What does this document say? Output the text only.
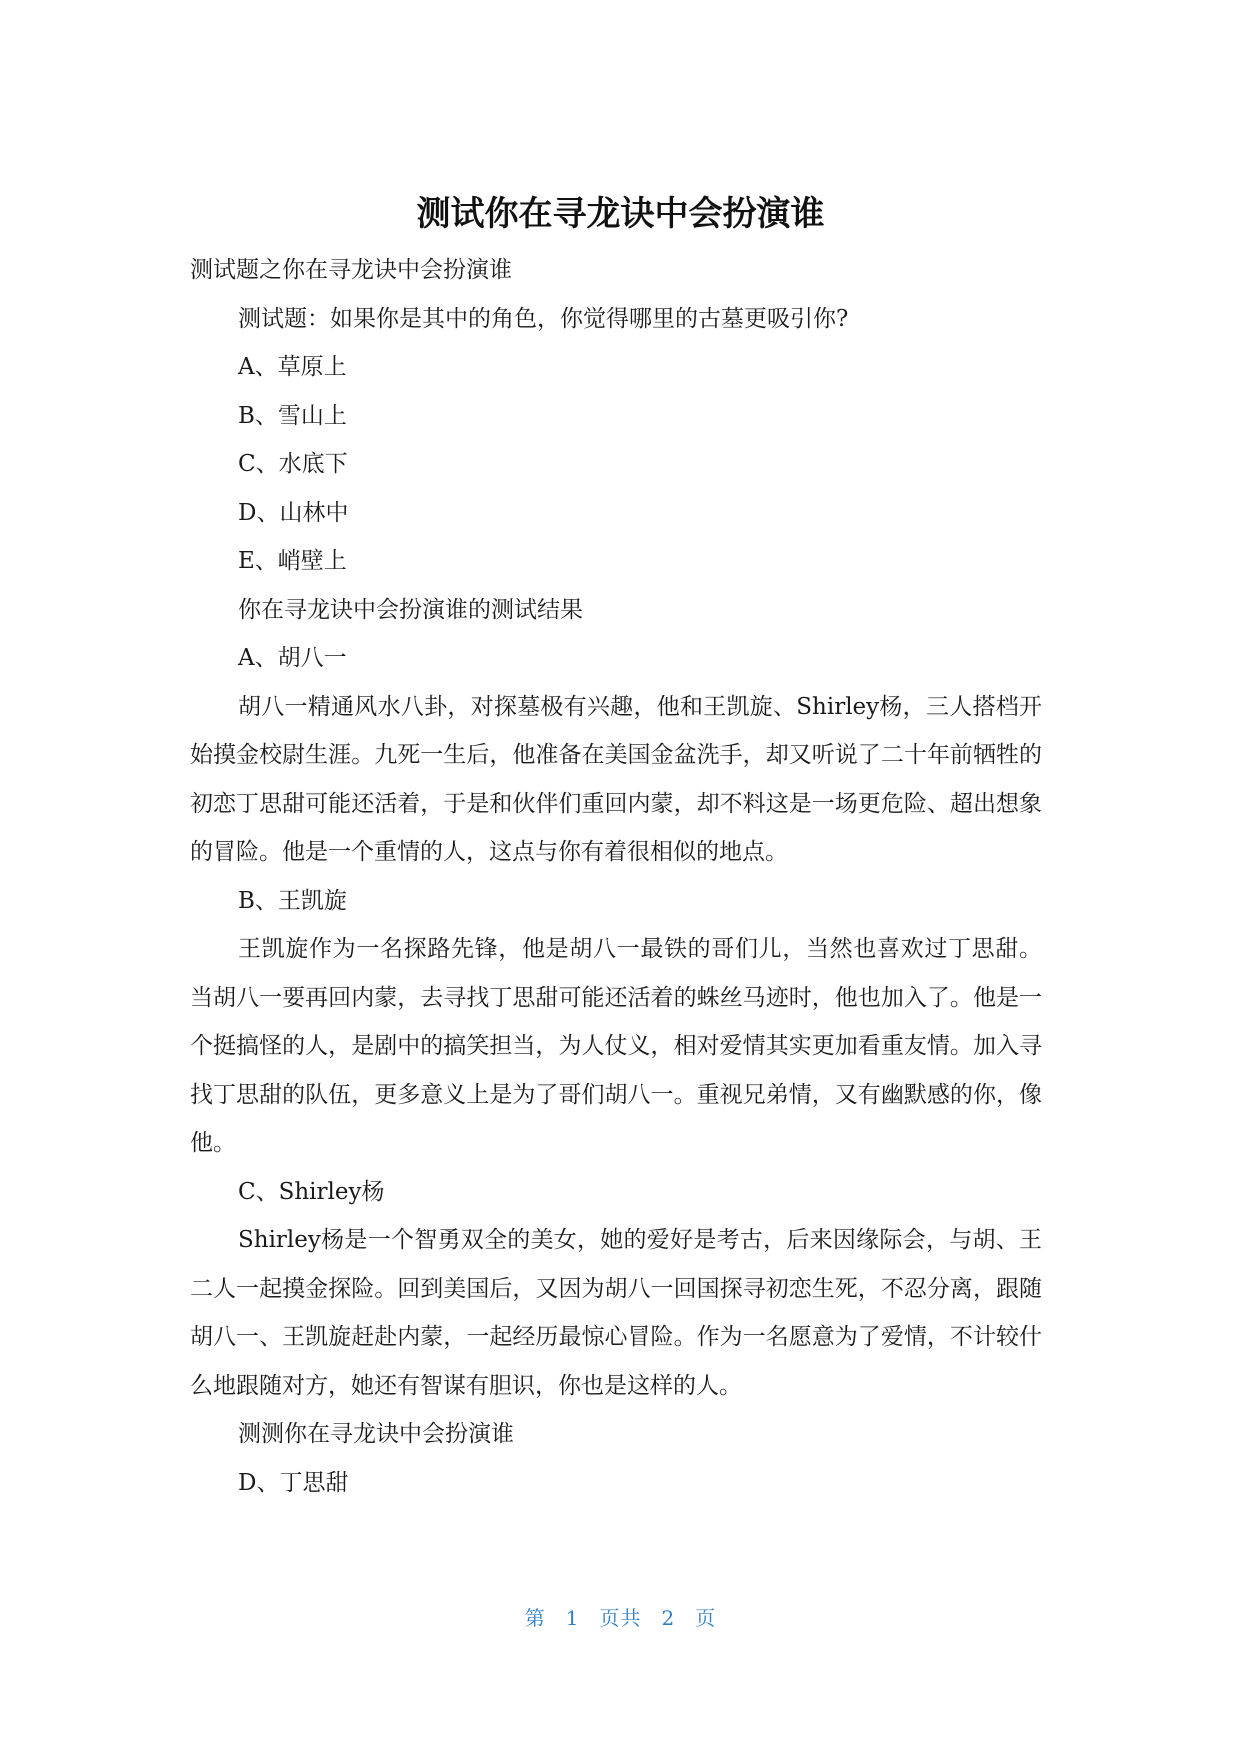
测试你在寻龙诀中会扮演谁

测试题之你在寻龙诀中会扮演谁

测试题：如果你是其中的角色，你觉得哪里的古墓更吸引你?

A、草原上

B、雪山上

C、水底下

D、山林中

E、峭壁上

你在寻龙诀中会扮演谁的测试结果

A、胡八一

胡八一精通风水八卦，对探墓极有兴趣，他和王凯旋、Shirley杨，三人搭档开始摸金校尉生涯。九死一生后，他准备在美国金盆洗手，却又听说了二十年前牺牲的初恋丁思甜可能还活着，于是和伙伴们重回内蒙，却不料这是一场更危险、超出想象的冒险。他是一个重情的人，这点与你有着很相似的地点。

B、王凯旋

王凯旋作为一名探路先锋，他是胡八一最铁的哥们儿，当然也喜欢过丁思甜。当胡八一要再回内蒙，去寻找丁思甜可能还活着的蛛丝马迹时，他也加入了。他是一个挺搞怪的人，是剧中的搞笑担当，为人仗义，相对爱情其实更加看重友情。加入寻找丁思甜的队伍，更多意义上是为了哥们胡八一。重视兄弟情，又有幽默感的你，像他。

C、Shirley杨

Shirley杨是一个智勇双全的美女，她的爱好是考古，后来因缘际会，与胡、王二人一起摸金探险。回到美国后，又因为胡八一回国探寻初恋生死，不忍分离，跟随胡八一、王凯旋赶赴内蒙，一起经历最惊心冒险。作为一名愿意为了爱情，不计较什么地跟随对方，她还有智谋有胆识，你也是这样的人。

测测你在寻龙诀中会扮演谁

D、丁思甜

第 1 页共 2 页
